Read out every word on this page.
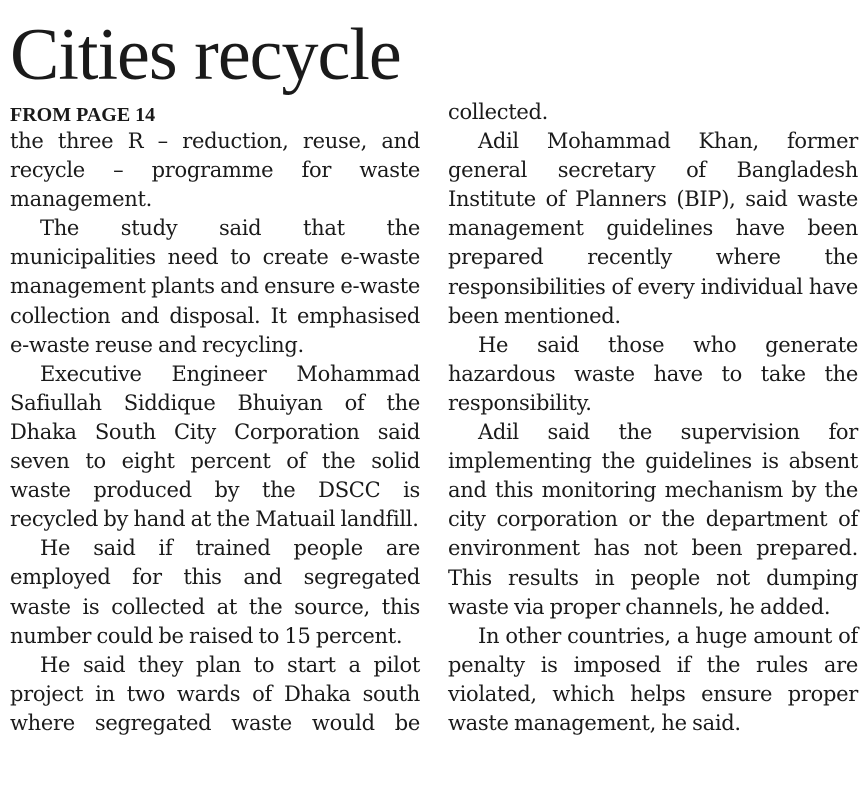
Cities recycle
FROM PAGE 14

the three R – reduction, reuse, and recycle – programme for waste management.

The study said that the municipalities need to create e-waste management plants and ensure e-waste collection and disposal. It emphasised e-waste reuse and recycling.

Executive Engineer Mohammad Safiullah Siddique Bhuiyan of the Dhaka South City Corporation said seven to eight percent of the solid waste produced by the DSCC is recycled by hand at the Matuail landfill.

He said if trained people are employed for this and segregated waste is collected at the source, this number could be raised to 15 percent.

He said they plan to start a pilot project in two wards of Dhaka south where segregated waste would be

collected.

Adil Mohammad Khan, former general secretary of Bangladesh Institute of Planners (BIP), said waste management guidelines have been prepared recently where the responsibilities of every individual have been mentioned.

He said those who generate hazardous waste have to take the responsibility.

Adil said the supervision for implementing the guidelines is absent and this monitoring mechanism by the city corporation or the department of environment has not been prepared. This results in people not dumping waste via proper channels, he added.

In other countries, a huge amount of penalty is imposed if the rules are violated, which helps ensure proper waste management, he said.
